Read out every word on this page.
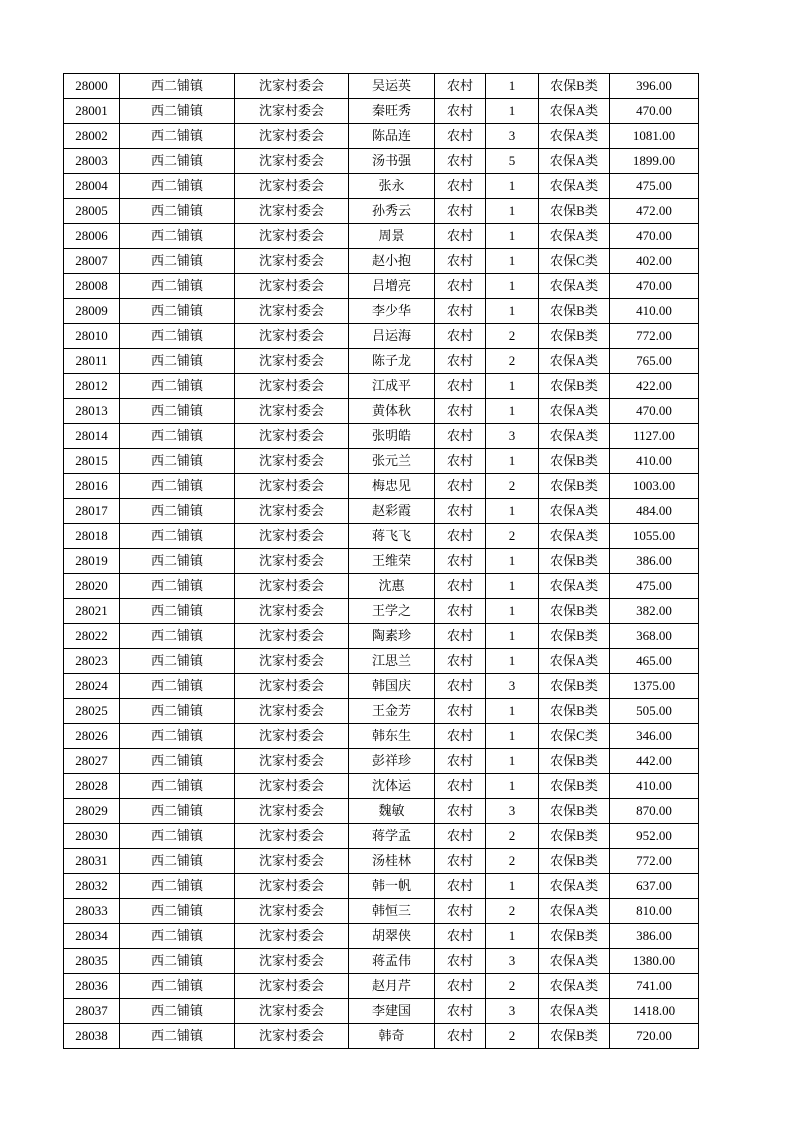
28000	西二铺镇	沈家村委会	吴运英	农村	1	农保B类	396.00
28001	西二铺镇	沈家村委会	秦旺秀	农村	1	农保A类	470.00
28002	西二铺镇	沈家村委会	陈品连	农村	3	农保A类	1081.00
28003	西二铺镇	沈家村委会	汤书强	农村	5	农保A类	1899.00
28004	西二铺镇	沈家村委会	张永	农村	1	农保A类	475.00
28005	西二铺镇	沈家村委会	孙秀云	农村	1	农保B类	472.00
28006	西二铺镇	沈家村委会	周景	农村	1	农保A类	470.00
28007	西二铺镇	沈家村委会	赵小抱	农村	1	农保C类	402.00
28008	西二铺镇	沈家村委会	吕增亮	农村	1	农保A类	470.00
28009	西二铺镇	沈家村委会	李少华	农村	1	农保B类	410.00
28010	西二铺镇	沈家村委会	吕运海	农村	2	农保B类	772.00
28011	西二铺镇	沈家村委会	陈子龙	农村	2	农保A类	765.00
28012	西二铺镇	沈家村委会	江成平	农村	1	农保B类	422.00
28013	西二铺镇	沈家村委会	黄体秋	农村	1	农保A类	470.00
28014	西二铺镇	沈家村委会	张明皓	农村	3	农保A类	1127.00
28015	西二铺镇	沈家村委会	张元兰	农村	1	农保B类	410.00
28016	西二铺镇	沈家村委会	梅忠见	农村	2	农保B类	1003.00
28017	西二铺镇	沈家村委会	赵彩霞	农村	1	农保A类	484.00
28018	西二铺镇	沈家村委会	蒋飞飞	农村	2	农保A类	1055.00
28019	西二铺镇	沈家村委会	王维荣	农村	1	农保B类	386.00
28020	西二铺镇	沈家村委会	沈惠	农村	1	农保A类	475.00
28021	西二铺镇	沈家村委会	王学之	农村	1	农保B类	382.00
28022	西二铺镇	沈家村委会	陶素珍	农村	1	农保B类	368.00
28023	西二铺镇	沈家村委会	江思兰	农村	1	农保A类	465.00
28024	西二铺镇	沈家村委会	韩国庆	农村	3	农保B类	1375.00
28025	西二铺镇	沈家村委会	王金芳	农村	1	农保B类	505.00
28026	西二铺镇	沈家村委会	韩东生	农村	1	农保C类	346.00
28027	西二铺镇	沈家村委会	彭祥珍	农村	1	农保B类	442.00
28028	西二铺镇	沈家村委会	沈体运	农村	1	农保B类	410.00
28029	西二铺镇	沈家村委会	魏敏	农村	3	农保B类	870.00
28030	西二铺镇	沈家村委会	蒋学孟	农村	2	农保B类	952.00
28031	西二铺镇	沈家村委会	汤桂林	农村	2	农保B类	772.00
28032	西二铺镇	沈家村委会	韩一帆	农村	1	农保A类	637.00
28033	西二铺镇	沈家村委会	韩恒三	农村	2	农保A类	810.00
28034	西二铺镇	沈家村委会	胡翠侠	农村	1	农保B类	386.00
28035	西二铺镇	沈家村委会	蒋孟伟	农村	3	农保A类	1380.00
28036	西二铺镇	沈家村委会	赵月芹	农村	2	农保A类	741.00
28037	西二铺镇	沈家村委会	李建国	农村	3	农保A类	1418.00
28038	西二铺镇	沈家村委会	韩奇	农村	2	农保B类	720.00
